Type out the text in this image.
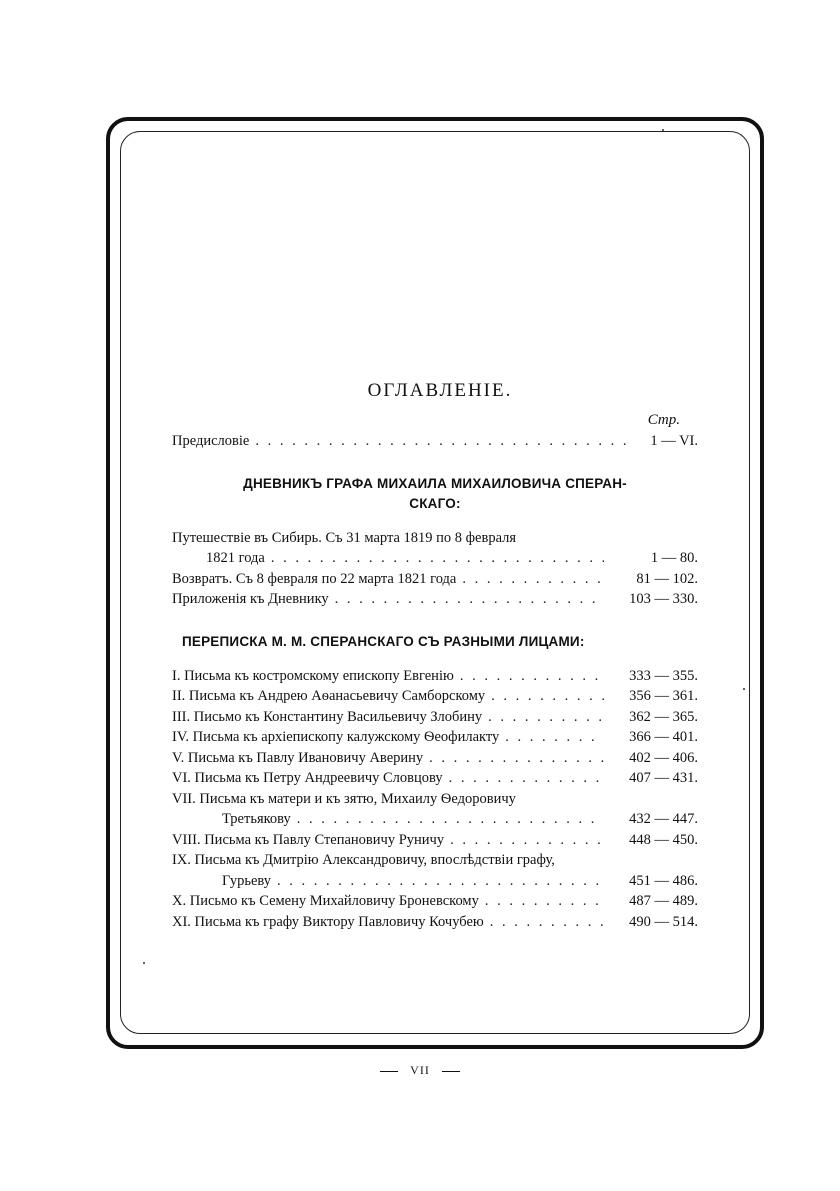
ОГЛАВЛЕНІЕ.
Стр.
Предисловіе . . .	1 — VI.
ДНЕВНИКЪ ГРАФА МИХАИЛА МИХАИЛОВИЧА СПЕРАН-
СКАГО:
Путешествіе въ Сибирь. Съ 31 марта 1819 по 8 февраля
1821 года . . .	1 — 80.
Возвратъ. Съ 8 февраля по 22 марта 1821 года . . .	81 — 102.
Приложенія къ Дневнику . . .	103 — 330.
ПЕРЕПИСКА М. М. СПЕРАНСКАГО СЪ РАЗНЫМИ ЛИЦАМИ:
I. Письма къ костромскому епископу Евгенію . . .	333 — 355.
II. Письма къ Андрею Аѳанасьевичу Самборскому . . .	356 — 361.
III. Письмо къ Константину Васильевичу Злобину . . .	362 — 365.
IV. Письма къ архіепископу калужскому Ѳеофилакту . . .	366 — 401.
V. Письма къ Павлу Ивановичу Аверину . . .	402 — 406.
VI. Письма къ Петру Андреевичу Словцову . . .	407 — 431.
VII. Письма къ матери и къ зятю, Михаилу Ѳедоровичу
Третьякову . . .	432 — 447.
VIII. Письма къ Павлу Степановичу Руничу . . .	448 — 450.
IX. Письма къ Дмитрію Александровичу, впослѣдствіи графу,
Гурьеву . . .	451 — 486.
X. Письмо къ Семену Михайловичу Броневскому . . .	487 — 489.
XI. Письма къ графу Виктору Павловичу Кочубею . . .	490 — 514.
VII
